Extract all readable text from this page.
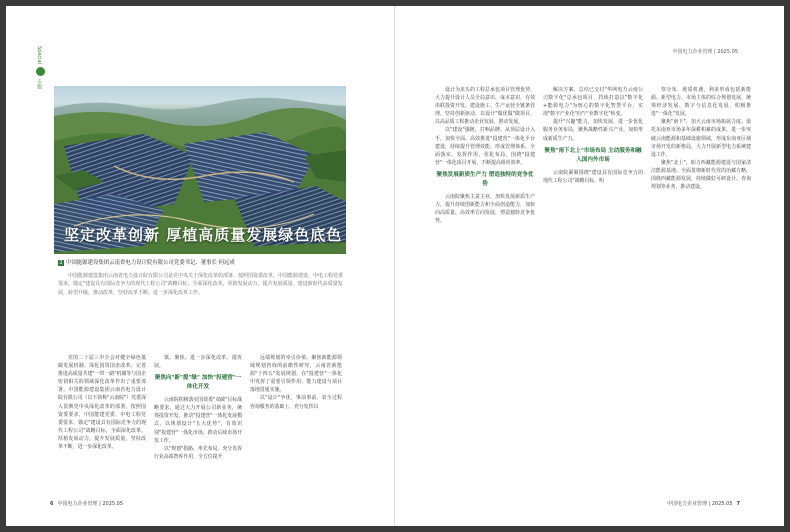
Special
专题
坚定改革创新 厚植高质量发展绿色底色
2 中国能源建设集团云南省电力设计院有限公司党委书记、董事长 何远成
中国能源建设集团云南省电力设计院有限公司是党中央关于深化改革的部署，按照国资委改革，中国能源建设、中电工程党委要求，锚定"建设具有国际竞争力的现代工程公司"战略目标，全面深化改革，厚植发展动力，提升发展质量，建设新时代高质量发展，转型升级，推动改革，坚持改革不断，进一步深化改革工作。

党的二十届三中全会对健全绿色低碳发展机制、深化国资国企改革、完善推进高质量共建"一带一路"机制等与国企密切相关的领域深化改革作出了重要部署。中国能源建设集团云南省电力设计院有限公司（以下简称"云南院"）党委深入贯彻党中央深化改革的部署，按照国资委要求，中国能建党委、中电工程党委要求，锚定"建设具有国际竞争力的现代工程公司"战略目标，全面深化改革，厚植发展动力，提升发展质量，坚持改革不断，进一步深化改革。

慎、聚焦、进一步深化改革、提发展。

聚焦向"新"提"绿" 加快"投建营"一体化开发

云南院积极落实国资委"双碳"目标战略要求，通过大力开展公司新业务，统筹投资开发。推动"投建营"一体化发展模式，以规划设计"五大优势"，有效识别"投建营"一体化市场，推动后续市场开发工作。

以"规划"指路，率先布局，充分发挥行业高端智库作用，全方位提升

远端规划的牵引价值，聚焦新能源领域规划咨询的前瞻性研究，云南省新能源"十四五"发展规划，在"投建营"一体化中发挥了重要引领作用，能力建设与项目落地贯通实施。

以"设计"争优，事前事前、农全过程咨询服务的基础上，充分发挥以

6 中国电力企业管理 | 2025.05
中国电力企业管理 | 2025.05

设计为龙头的工程总承包项目管理优势，大力提升设计人员全局意识、成本意识，有效串联投资开发、建设施工、生产运营全链条管理，坚持创新驱动，以设计"做优做"做项目、以高品质工程推动企业发展，推动发展。

以"建设"强链，打响品牌。从顶层设计入手，加快全面、高效推进"投建营"一体化平台建设，持续提升管理效能、形成管理体系，全面落实、发挥作用，优化布局，围绕"投建营"一体化项目开展，不断提高组织效率。

聚焦发展新质生产力 塑造独特的竞争优势

云南院聚焦主责主业，加快发展新质生产力，提升持续创新能力和全面创造能力，加快向高质量、高效率方向发展，塑造独特竞争优势。

解决方案、总结已交付"华网电力云南公司数字化"总承包项目，持续打造以"数字化+能源电力"为核心的数字化智慧平台，实现"数字产业化"向"产业数字化"转变。

提升"兴趣"能力，加快发展、进一步优化服务业务布局，聚焦战略性新兴产业，加快形成新质生产力。

聚焦"南下北上"市场布局 主动服务和融入国内外市场

云南院紧紧围绕"建设具有国际竞争力的现代工程公司"战略目标，明

察分布，地质机遇，利多形成包括新能源、新型电力、市场主体的综合规划发展，统筹经济发展、数字与信息化发展，积极推进"一体化"发展。

聚焦"南下"，加大云南市场拓展力度。依托东南亚市场多年深耕积累的成果，进一步突破云南能源和基础设施领域，形成东南亚区域市场开发的新格局，大力开展新型电力系统建设工作。

聚焦"北上"，助力西藏能源建设与国家清洁能源基地。全面贯彻新时代党的治藏方略，围绕西藏能源发展，持续做好可研设计、咨询规划等业务，推动建设。

中国电力企业管理 | 2025.05 7
